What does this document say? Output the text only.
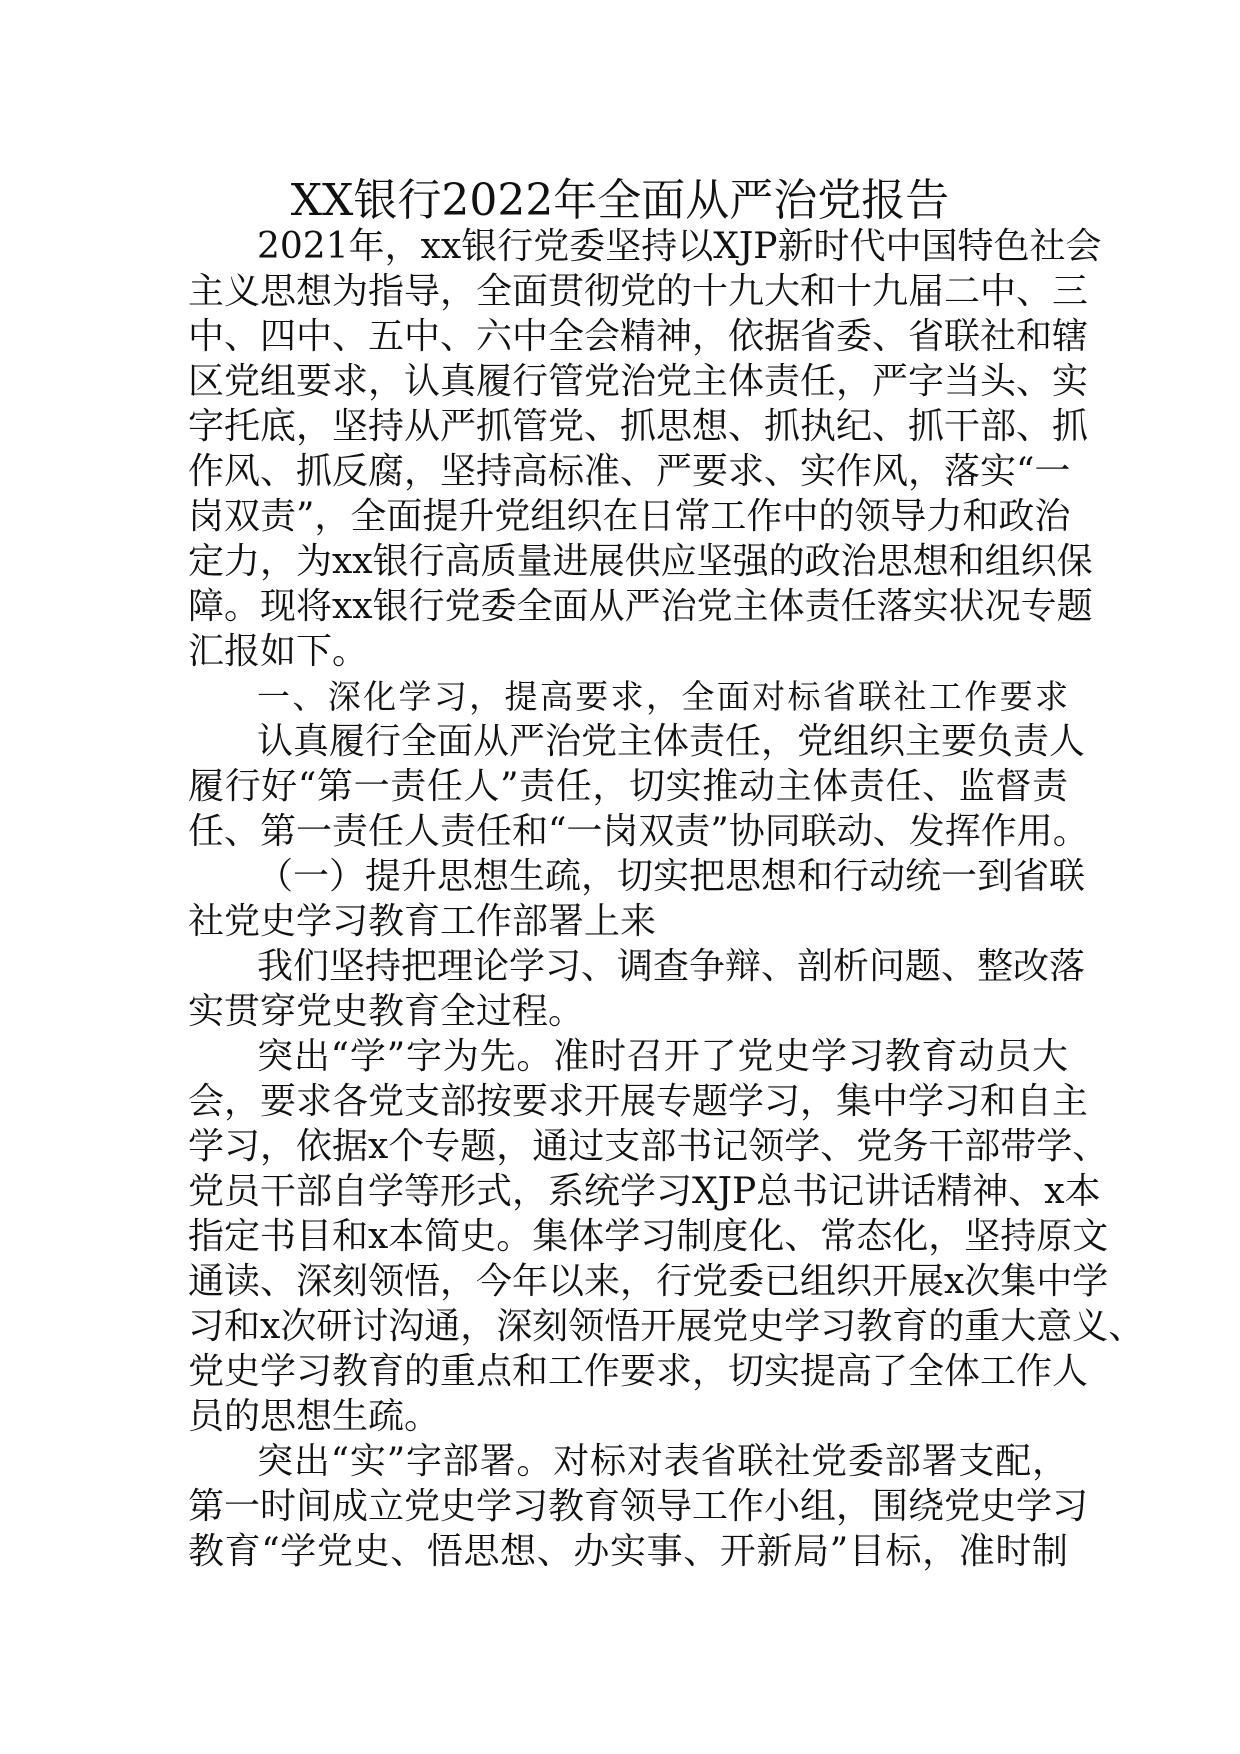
XX银行2022年全面从严治党报告
2021年，xx银行党委坚持以XJP新时代中国特色社会
主义思想为指导，全面贯彻党的十九大和十九届二中、三
中、四中、五中、六中全会精神，依据省委、省联社和辖
区党组要求，认真履行管党治党主体责任，严字当头、实
字托底，坚持从严抓管党、抓思想、抓执纪、抓干部、抓
作风、抓反腐，坚持高标准、严要求、实作风，落实“一
岗双责”，全面提升党组织在日常工作中的领导力和政治
定力，为xx银行高质量进展供应坚强的政治思想和组织保
障。现将xx银行党委全面从严治党主体责任落实状况专题
汇报如下。
一、深化学习，提高要求，全面对标省联社工作要求
认真履行全面从严治党主体责任，党组织主要负责人
履行好“第一责任人”责任，切实推动主体责任、监督责
任、第一责任人责任和“一岗双责”协同联动、发挥作用。
（一）提升思想生疏，切实把思想和行动统一到省联
社党史学习教育工作部署上来
我们坚持把理论学习、调查争辩、剖析问题、整改落
实贯穿党史教育全过程。
突出“学”字为先。准时召开了党史学习教育动员大
会，要求各党支部按要求开展专题学习，集中学习和自主
学习，依据x个专题，通过支部书记领学、党务干部带学、
党员干部自学等形式，系统学习XJP总书记讲话精神、x本
指定书目和x本简史。集体学习制度化、常态化，坚持原文
通读、深刻领悟，今年以来，行党委已组织开展x次集中学
习和x次研讨沟通，深刻领悟开展党史学习教育的重大意义、
党史学习教育的重点和工作要求，切实提高了全体工作人
员的思想生疏。
突出“实”字部署。对标对表省联社党委部署支配，
第一时间成立党史学习教育领导工作小组，围绕党史学习
教育“学党史、悟思想、办实事、开新局”目标，准时制
